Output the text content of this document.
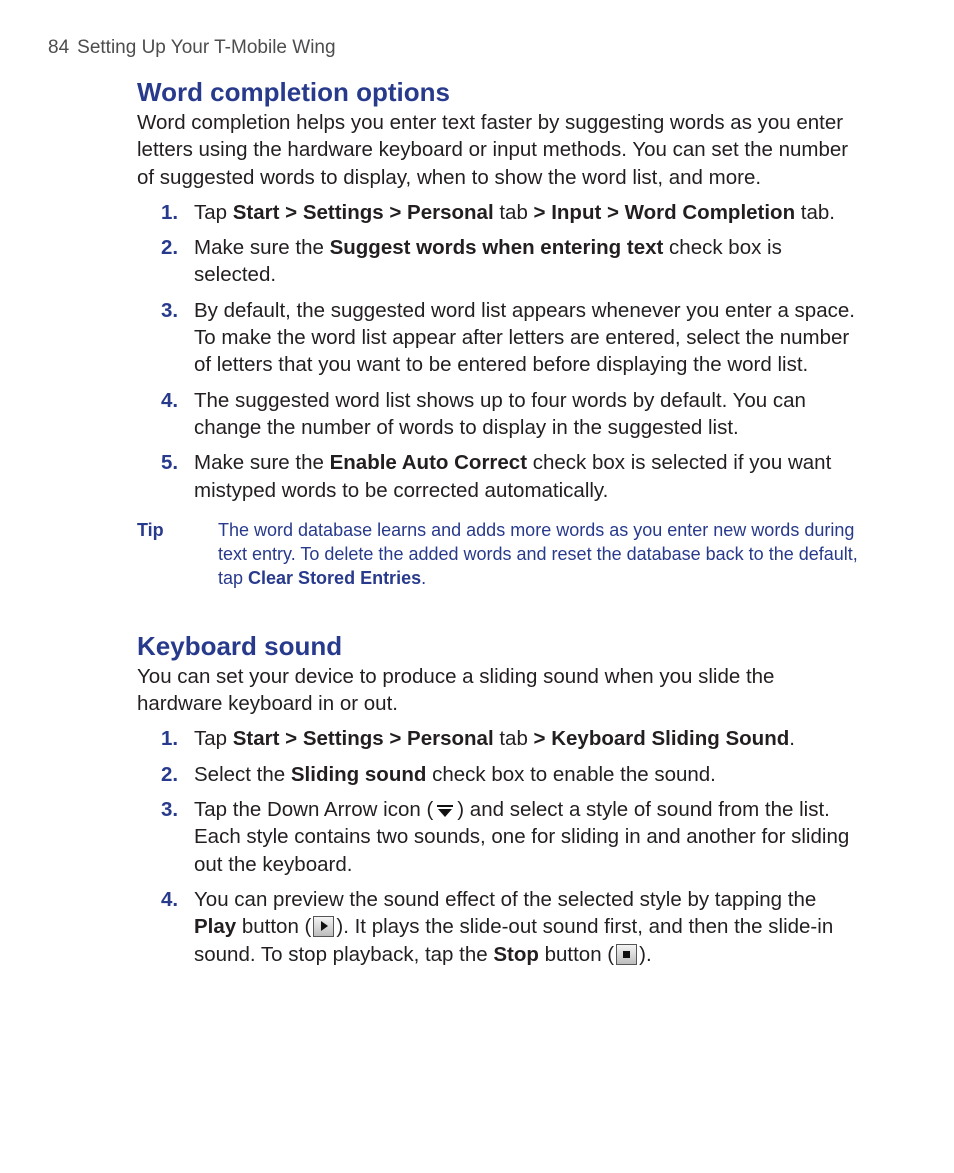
84 Setting Up Your T-Mobile Wing
Word completion options

Word completion helps you enter text faster by suggesting words as you enter letters using the hardware keyboard or input methods. You can set the number of suggested words to display, when to show the word list, and more.

1. Tap Start > Settings > Personal tab > Input > Word Completion tab.
2. Make sure the Suggest words when entering text check box is selected.
3. By default, the suggested word list appears whenever you enter a space. To make the word list appear after letters are entered, select the number of letters that you want to be entered before displaying the word list.
4. The suggested word list shows up to four words by default. You can change the number of words to display in the suggested list.
5. Make sure the Enable Auto Correct check box is selected if you want mistyped words to be corrected automatically.
Tip	The word database learns and adds more words as you enter new words during text entry. To delete the added words and reset the database back to the default, tap Clear Stored Entries.
Keyboard sound

You can set your device to produce a sliding sound when you slide the hardware keyboard in or out.

1. Tap Start > Settings > Personal tab > Keyboard Sliding Sound.
2. Select the Sliding sound check box to enable the sound.
3. Tap the Down Arrow icon ( ) and select a style of sound from the list. Each style contains two sounds, one for sliding in and another for sliding out the keyboard.
4. You can preview the sound effect of the selected style by tapping the Play button ( ). It plays the slide-out sound first, and then the slide-in sound. To stop playback, tap the Stop button ( ).
